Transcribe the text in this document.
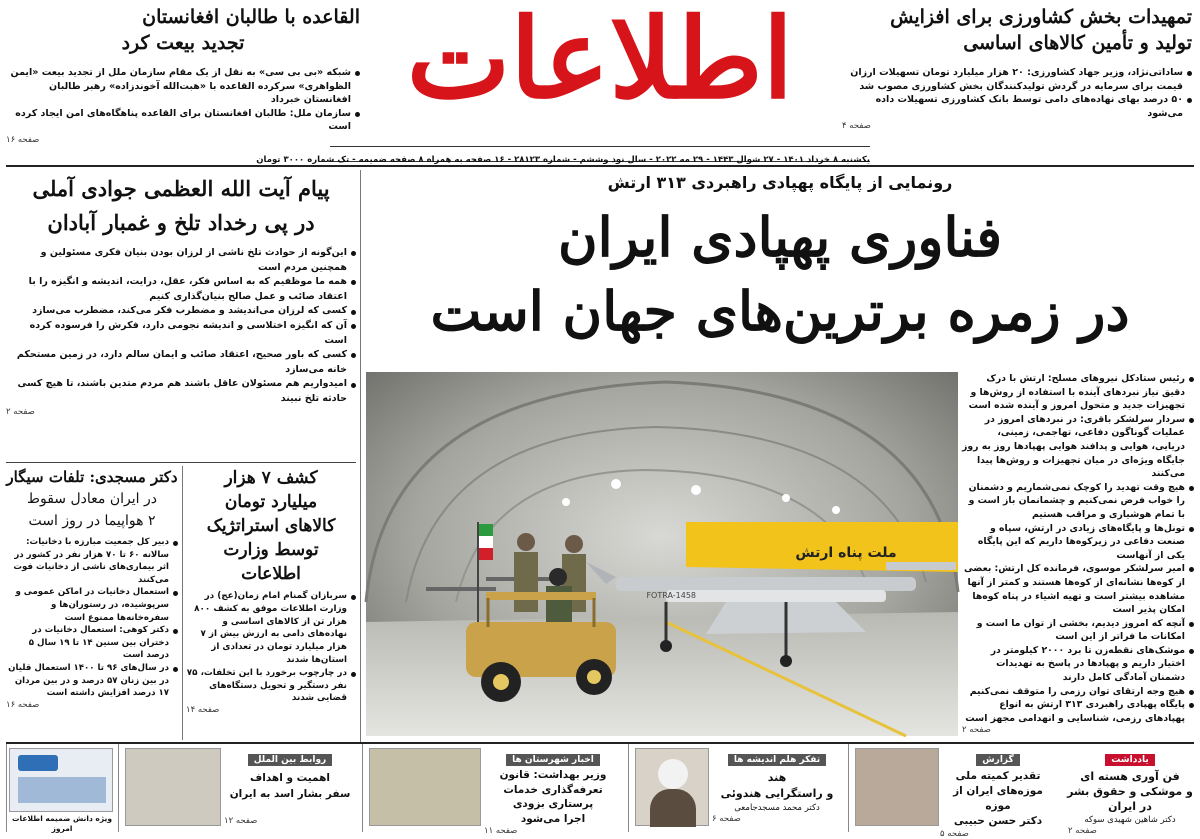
تمهیدات بخش کشاورزی برای افزایش
تولید و تأمین کالاهای اساسی
ساداتی‌نژاد، وزیر جهاد کشاورزی: ۲۰ هزار میلیارد تومان تسهیلات ارزان قیمت برای سرمایه در گردش تولیدکنندگان بخش کشاورزی مصوب شد
۵۰ درصد بهای نهاده‌های دامی توسط بانک کشاورزی تسهیلات داده می‌شود
صفحه ۴
اطلاعات
القاعده با طالبان افغانستان
تجدید بیعت کرد
شبکه «بی بی سی» به نقل از یک مقام سازمان ملل از تجدید بیعت «ایمن الظواهری» سرکرده القاعده با «هبت‌الله آخوندزاده» رهبر طالبان افغانستان خبرداد
سازمان ملل: طالبان افغانستان برای القاعده پناهگاه‌های امن ایجاد کرده است
صفحه ۱۶
یکشنبه ۸ خرداد ۱۴۰۱ - ۲۷ شوال ۱۴۴۳ - ۲۹ مه ۲۰۲۲ - سال نود وششم - شماره ۲۸۱۲۳ - ۱۶ صفحه به همراه ۸ صفحه ضمیمه - تک شماره ۳۰۰۰ تومان
رونمایی از پایگاه پهپادی راهبردی ۳۱۳ ارتش
فناوری پهپادی ایران
در زمره برترین‌های جهان است
ملت پناه ارتش
FOTRA-1458
رئیس ستادکل نیروهای مسلح: ارتش با درک دقیق نیاز نبردهای آینده با استفاده از روش‌ها و تجهیزات جدید و متحول امروز و آینده شده است
سردار سرلشکر باقری: در نبردهای امروز در عملیات گوناگون دفاعی، تهاجمی، زمینی، دریایی، هوایی و پدافند هوایی پهپادها روز به روز جایگاه ویژه‌ای در میان تجهیزات و روش‌ها پیدا می‌کنند
هیچ وقت تهدید را کوچک نمی‌شماریم و دشمنان را خواب فرض نمی‌کنیم و چشمانمان باز است و با تمام هوشیاری و مراقب هستیم
تونل‌ها و پایگاه‌های زیادی در ارتش، سپاه و صنعت دفاعی در زیرکوه‌ها داریم که این پایگاه یکی از آنهاست
امیر سرلشکر موسوی، فرمانده کل ارتش: بعضی از کوه‌ها نشانه‌ای از کوه‌ها هستند و کمتر از آنها مشاهده بیشتر است و تهیه اشیاء در پناه کوه‌ها امکان پذیر است
آنچه که امروز دیدیم، بخشی از توان ما است و امکانات ما فراتر از این است
موشک‌های نقطه‌زن تا برد ۲۰۰۰ کیلومتر در اختیار داریم و پهپادها در پاسخ به تهدیدات دشمنان آمادگی کامل دارند
هیچ وجه ارتقای توان رزمی را متوقف نمی‌کنیم
پایگاه پهپادی راهبردی ۳۱۳ ارتش به انواع پهپادهای رزمی، شناسایی و انهدامی مجهز است
صفحه ۲
پیام آیت الله العظمی جوادی آملی
در پی رخداد تلخ و غمبار آبادان
این‌گونه از حوادث تلخ ناشی از لرزان بودن بنیان فکری مسئولین و همچنین مردم است
همه ما موظفیم که به اساس فکر، عقل، درایت، اندیشه و انگیزه را با اعتقاد صائب و عمل صالح بنیان‌گذاری کنیم
کسی که لرزان می‌اندیشد و مضطرب فکر می‌کند، مضطرب می‌سازد
آن که انگیزه اختلاسی و اندیشه نجومی دارد، فکرش را فرسوده کرده است
کسی که باور صحیح، اعتقاد صائب و ایمان سالم دارد، در زمین مستحکم خانه می‌سازد
امیدواریم هم مسئولان عاقل باشند هم مردم متدین باشند، تا هیچ کسی حادثه تلخ نبیند
صفحه ۲
کشف ۷ هزار
میلیارد تومان
کالاهای استراتژیک
توسط وزارت
اطلاعات
سربازان گمنام امام زمان(عج) در وزارت اطلاعات موفق به کشف ۸۰۰ هزار تن از کالاهای اساسی و نهاده‌های دامی به ارزش بیش از ۷ هزار میلیارد تومان در تعدادی از استان‌ها شدند
در چارچوب برخورد با این تخلفات، ۷۵ نفر دستگیر و تحویل دستگاه‌های قضایی شدند
صفحه ۱۴
دکتر مسجدی: تلفات سیگار
در ایران معادل سقوط
۲ هواپیما در روز است
دبیر کل جمعیت مبارزه با دخانیات: سالانه ۶۰ تا ۷۰ هزار نفر در کشور در اثر بیماری‌های ناشی از دخانیات فوت می‌کنند
استعمال دخانیات در اماکن عمومی و سرپوشیده، در رستوران‌ها و سفره‌خانه‌ها ممنوع است
دکتر کوهی: استعمال دخانیات در دختران بین سنین ۱۴ تا ۱۹ سال ۵ درصد است
در سال‌های ۹۶ تا ۱۴۰۰ استعمال قلیان در بین زنان ۵۷ درصد و در بین مردان ۱۷ درصد افزایش داشته است
صفحه ۱۶
یادداشت
فن آوری هسته ای
و موشکی و حقوق بشر
در ایران
دکتر شاهین شهیدی سوکه
صفحه ۲
گزارش
تقدیر کمیته ملی
موزه‌های ایران از موزه
دکتر حسن حبیبی
صفحه ۵
تفکر هلم اندیشه ها
هند
و راستگرایی هندوئی
دکتر محمد مسجدجامعی
صفحه ۶
اخبار شهرستان ها
وزیر بهداشت: قانون
تعرفه‌گذاری خدمات
پرستاری بزودی
اجرا می‌شود
صفحه ۱۱
روابط بین الملل
اهمیت و اهداف
سفر بشار اسد به ایران
صفحه ۱۲
ویژه دانش ضمیمه اطلاعات امروز
